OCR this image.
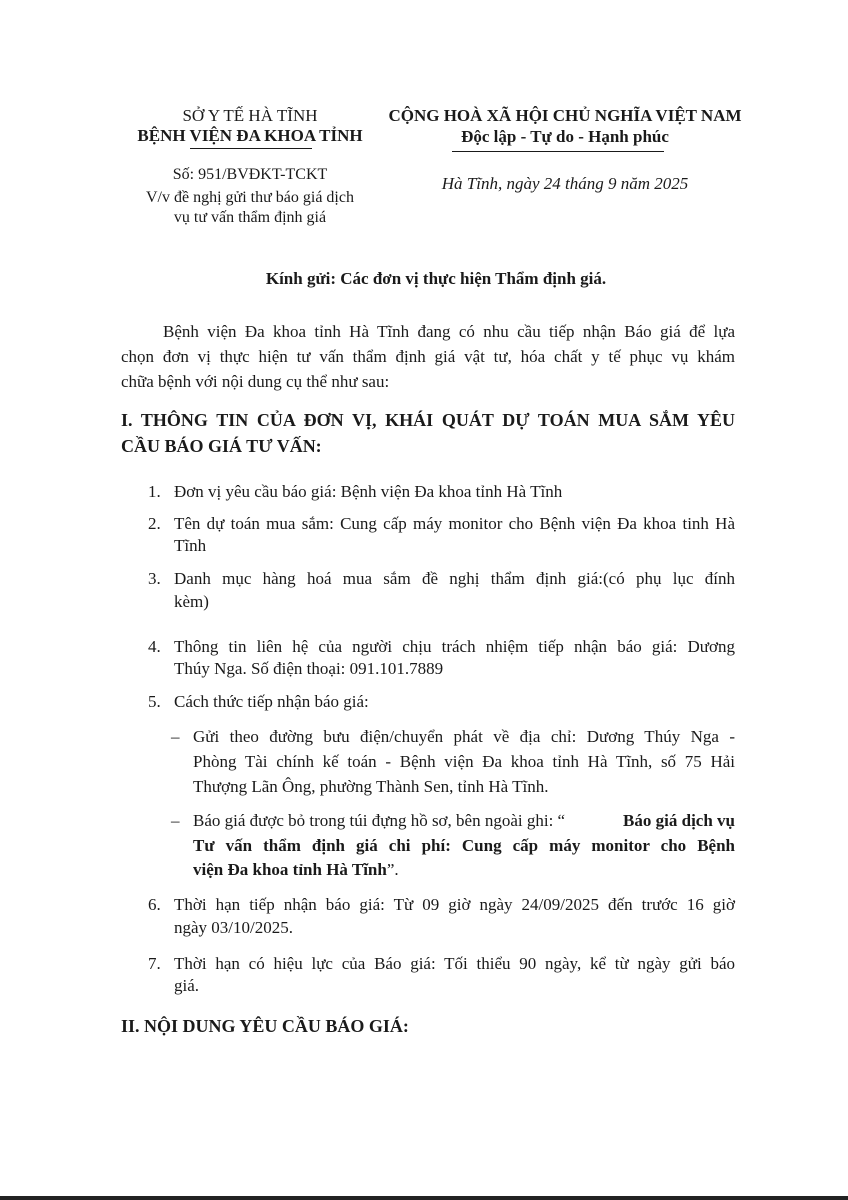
SỞ Y TẾ HÀ TĨNH
BỆNH VIỆN ĐA KHOA TỈNH
Số: 951/BVĐKT-TCKT
V/v đề nghị gửi thư báo giá dịch
vụ tư vấn thẩm định giá
CỘNG HOÀ XÃ HỘI CHỦ NGHĨA VIỆT NAM
Độc lập - Tự do - Hạnh phúc
Hà Tĩnh, ngày 24 tháng 9 năm 2025
Kính gửi: Các đơn vị thực hiện Thẩm định giá.
Bệnh viện Đa khoa tỉnh Hà Tĩnh đang có nhu cầu tiếp nhận Báo giá để lựa
chọn đơn vị thực hiện tư vấn thẩm định giá vật tư, hóa chất y tế phục vụ khám
chữa bệnh với nội dung cụ thể như sau:
I. THÔNG TIN CỦA ĐƠN VỊ, KHÁI QUÁT DỰ TOÁN MUA SẮM YÊU
CẦU BÁO GIÁ TƯ VẤN:
1. Đơn vị yêu cầu báo giá: Bệnh viện Đa khoa tỉnh Hà Tĩnh
2. Tên dự toán mua sắm: Cung cấp máy monitor cho Bệnh viện Đa khoa tinh Hà
Tĩnh
3. Danh mục hàng hoá mua sắm đề nghị thẩm định giá:(có phụ lục đính
kèm)
4. Thông tin liên hệ của người chịu trách nhiệm tiếp nhận báo giá: Dương
Thúy Nga. Số điện thoại: 091.101.7889
5. Cách thức tiếp nhận báo giá:
– Gửi theo đường bưu điện/chuyển phát về địa chỉ: Dương Thúy Nga -
Phòng Tài chính kế toán - Bệnh viện Đa khoa tỉnh Hà Tĩnh, số 75 Hải
Thượng Lãn Ông, phường Thành Sen, tỉnh Hà Tĩnh.
– Báo giá được bỏ trong túi đựng hồ sơ, bên ngoài ghi: “	Báo giá dịch vụ
Tư vấn thẩm định giá chi phí: Cung cấp máy monitor cho Bệnh
viện Đa khoa tỉnh Hà Tĩnh”.
6. Thời hạn tiếp nhận báo giá: Từ 09 giờ ngày 24/09/2025 đến trước 16 giờ
ngày 03/10/2025.
7. Thời hạn có hiệu lực của Báo giá: Tối thiểu 90 ngày, kể từ ngày gửi báo
giá.
II. NỘI DUNG YÊU CẦU BÁO GIÁ:
